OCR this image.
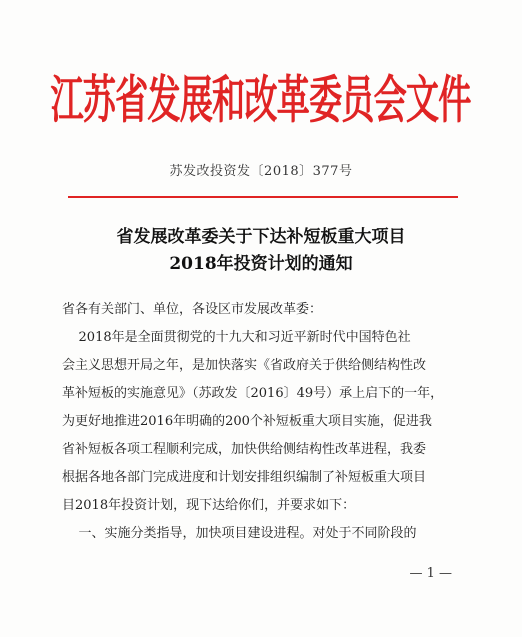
江苏省发展和改革委员会文件
苏发改投资发〔2018〕377号
省发展改革委关于下达补短板重大项目
2018年投资计划的通知
省各有关部门、单位，各设区市发展改革委：
2018年是全面贯彻党的十九大和习近平新时代中国特色社
会主义思想开局之年，是加快落实《省政府关于供给侧结构性改
革补短板的实施意见》（苏政发〔2016〕49号）承上启下的一年，
为更好地推进2016年明确的200个补短板重大项目实施，促进我
省补短板各项工程顺利完成，加快供给侧结构性改革进程，我委
根据各地各部门完成进度和计划安排组织编制了补短板重大项目
目2018年投资计划，现下达给你们，并要求如下：
一、实施分类指导，加快项目建设进程。对处于不同阶段的
— 1 —
